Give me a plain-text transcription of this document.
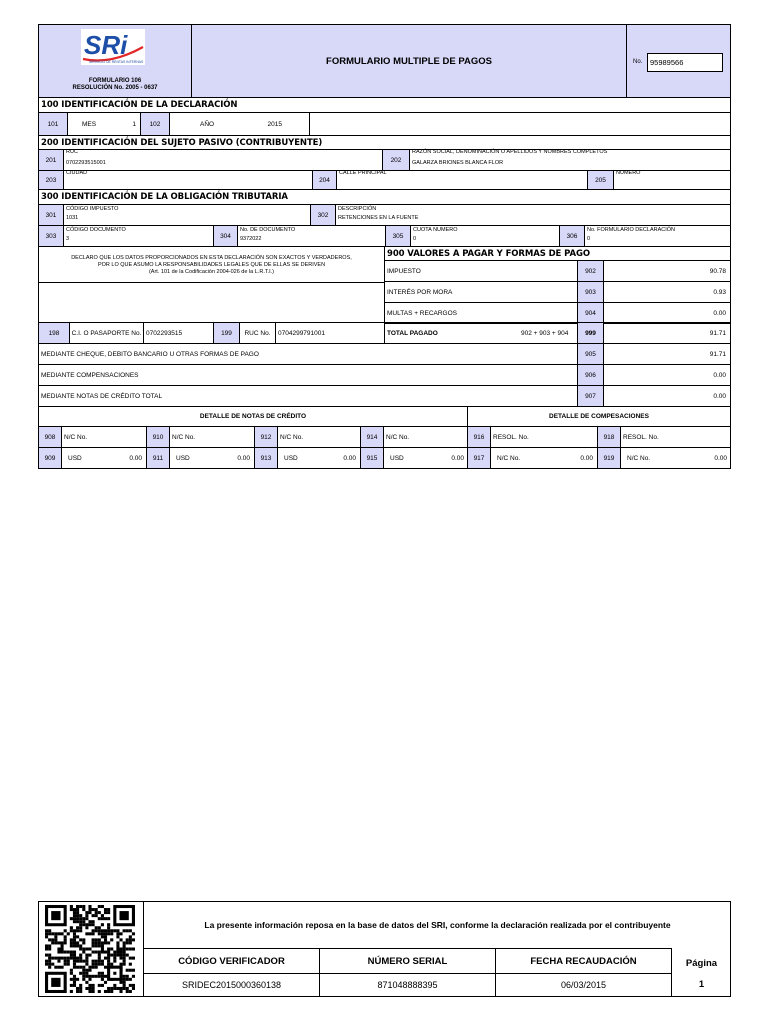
SRi
SERVICIO DE RENTAS INTERNAS
FORMULARIO 106
RESOLUCIÓN No. 2005 - 0637
FORMULARIO MULTIPLE DE PAGOS	No.	95989566
100 IDENTIFICACIÓN DE LA DECLARACIÓN
101	MES	1	102	AÑO	2015
200 IDENTIFICACIÓN DEL SUJETO PASIVO (CONTRIBUYENTE)
201
RUC
0702293515001	202
RAZÓN SOCIAL, DENOMINACIÓN O APELLIDOS Y NOMBRES COMPLETOS
GALARZA BRIONES BLANCA FLOR
203
CIUDAD
204
CALLE PRINCIPAL
205
NUMERO
300 IDENTIFICACIÓN DE LA OBLIGACIÓN TRIBUTARIA
301
CÓDIGO IMPUESTO
1031	302
DESCRIPCIÓN
RETENCIONES EN LA FUENTE
303
CÓDIGO DOCUMENTO
3	304
No. DE DOCUMENTO
9372022	305
CUOTA NUMERO
0	306
No. FORMULARIO DECLARACIÓN
0
DECLARO QUE LOS DATOS PROPORCIONADOS EN ESTA DECLARACIÓN SON EXACTOS Y VERDADEROS,
POR LO QUE ASUMO LA RESPONSABILIDADES LEGALES QUE DE ELLAS SE DERIVEN
(Art. 101 de la Codificación 2004-026 de la L.R.T.I.)
900 VALORES A PAGAR Y FORMAS DE PAGO
IMPUESTO	902	90.78
INTERÉS POR MORA	903	0.93
MULTAS + RECARGOS	904	0.00
198	C.I. O PASAPORTE No. 0702293515	199	RUC No.	0704299791001	TOTAL PAGADO	902 + 903 + 904	999	91.71
MEDIANTE CHEQUE, DEBITO BANCARIO U OTRAS FORMAS DE PAGO	905	91.71
MEDIANTE COMPENSACIONES	906	0.00
MEDIANTE NOTAS DE CRÉDITO TOTAL	907	0.00
DETALLE DE NOTAS DE CRÉDITO	DETALLE DE COMPESACIONES
908	N/C No.	910	N/C No.	912	N/C No.	914	N/C No.	916	RESOL. No.	918	RESOL. No.
909	USD	0.00	911	USD	0.00	913	USD	0.00	915	USD	0.00	917	N/C No.	0.00	919	N/C No.	0.00
La presente información reposa en la base de datos del SRI, conforme la declaración realizada por el contribuyente
CÓDIGO VERIFICADOR
SRIDEC2015000360138
NÚMERO SERIAL
871048888395
FECHA RECAUDACIÓN
06/03/2015
Página
1
